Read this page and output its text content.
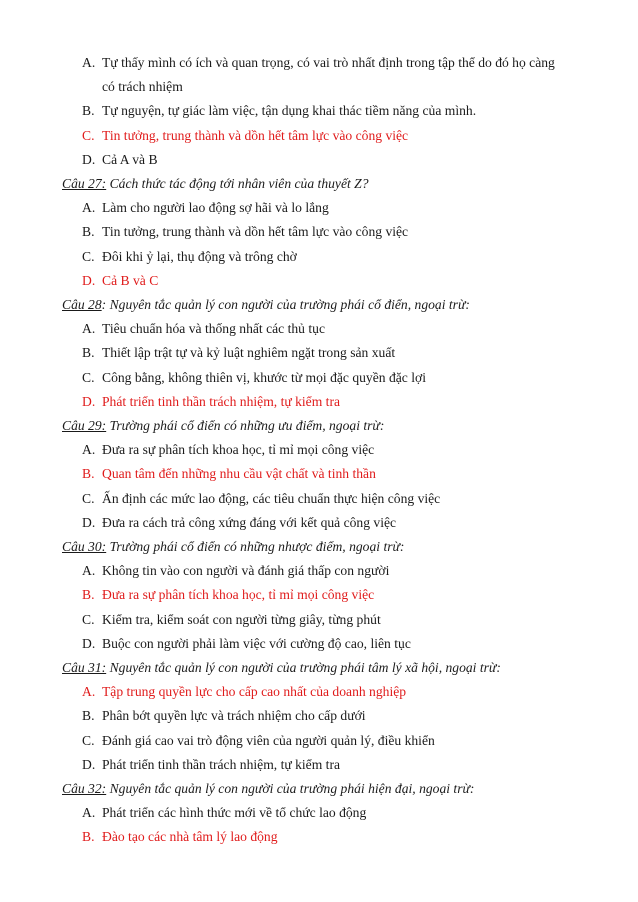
A. Tự thấy mình có ích và quan trọng, có vai trò nhất định trong tập thể do đó họ càng
có trách nhiệm
B. Tự nguyện, tự giác làm việc, tận dụng khai thác tiềm năng của mình.
C. Tin tưởng, trung thành và dồn hết tâm lực vào công việc
D. Cả A và B
Câu 27: Cách thức tác động tới nhân viên của thuyết Z?
A. Làm cho người lao động sợ hãi và lo lắng
B. Tin tưởng, trung thành và dồn hết tâm lực vào công việc
C. Đôi khi ỷ lại, thụ động và trông chờ
D. Cả B và C
Câu 28: Nguyên tắc quản lý con người của trường phái cổ điển, ngoại trừ:
A. Tiêu chuẩn hóa và thống nhất các thủ tục
B. Thiết lập trật tự và kỷ luật nghiêm ngặt trong sản xuất
C. Công bằng, không thiên vị, khước từ mọi đặc quyền đặc lợi
D. Phát triển tinh thần trách nhiệm, tự kiểm tra
Câu 29: Trường phái cổ điển có những ưu điểm, ngoại trừ:
A. Đưa ra sự phân tích khoa học, tỉ mỉ mọi công việc
B. Quan tâm đến những nhu cầu vật chất và tinh thần
C. Ấn định các mức lao động, các tiêu chuẩn thực hiện công việc
D. Đưa ra cách trả công xứng đáng với kết quả công việc
Câu 30: Trường phái cổ điển có những nhược điểm, ngoại trừ:
A. Không tin vào con người và đánh giá thấp con người
B. Đưa ra sự phân tích khoa học, tỉ mỉ mọi công việc
C. Kiểm tra, kiểm soát con người từng giây, từng phút
D. Buộc con người phải làm việc với cường độ cao, liên tục
Câu 31: Nguyên tắc quản lý con người của trường phái tâm lý xã hội, ngoại trừ:
A. Tập trung quyền lực cho cấp cao nhất của doanh nghiệp
B. Phân bớt quyền lực và trách nhiệm cho cấp dưới
C. Đánh giá cao vai trò động viên của người quản lý, điều khiển
D. Phát triển tinh thần trách nhiệm, tự kiểm tra
Câu 32: Nguyên tắc quản lý con người của trường phái hiện đại, ngoại trừ:
A. Phát triển các hình thức mới về tổ chức lao động
B. Đào tạo các nhà tâm lý lao động
